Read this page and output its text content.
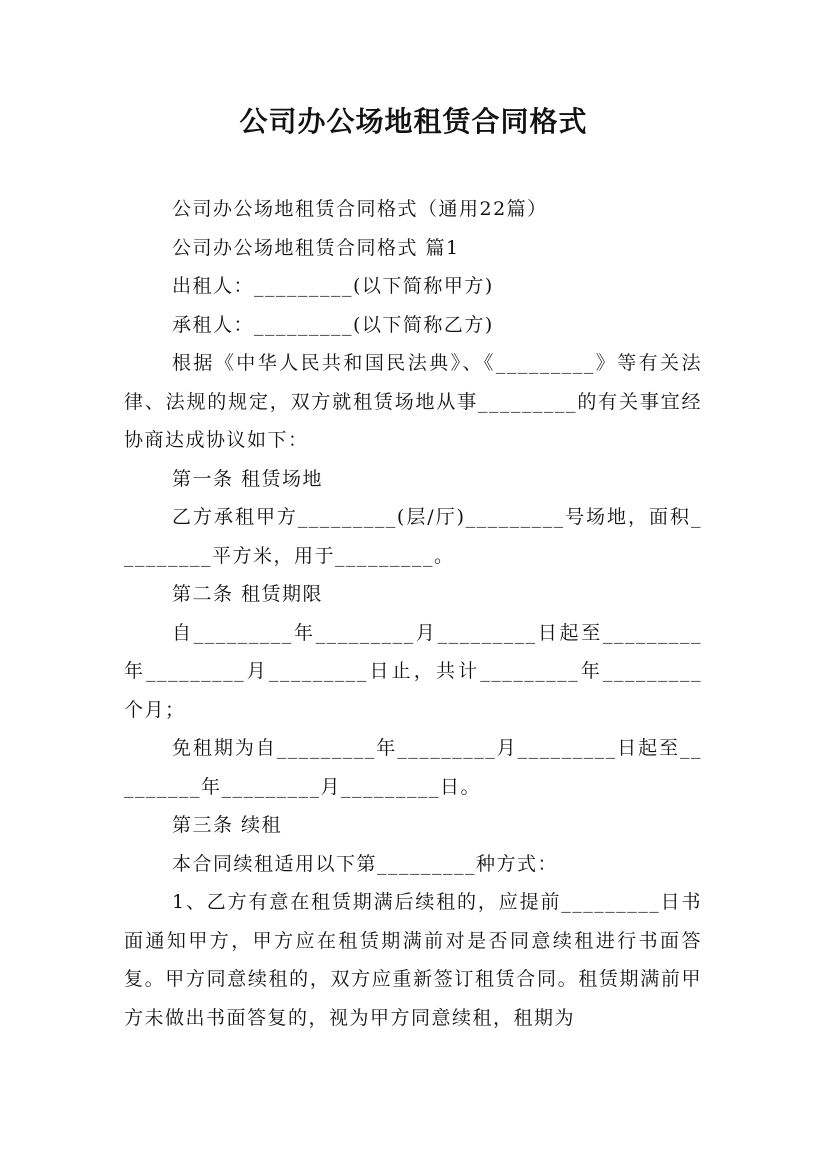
公司办公场地租赁合同格式

公司办公场地租赁合同格式（通用22篇）

公司办公场地租赁合同格式 篇1

出租人：_________(以下简称甲方)

承租人：_________(以下简称乙方)

根据《中华人民共和国民法典》、《_________》等有关法律、法规的规定，双方就租赁场地从事_________的有关事宜经协商达成协议如下：

第一条 租赁场地

乙方承租甲方_________(层/厅)_________号场地，面积_________平方米，用于_________。

第二条 租赁期限

自_________年_________月_________日起至_________年_________月_________日止，共计_________年_________个月；

免租期为自_________年_________月_________日起至_________年_________月_________日。

第三条 续租

本合同续租适用以下第_________种方式：

1、乙方有意在租赁期满后续租的，应提前_________日书面通知甲方，甲方应在租赁期满前对是否同意续租进行书面答复。甲方同意续租的，双方应重新签订租赁合同。租赁期满前甲方未做出书面答复的，视为甲方同意续租，租期为
